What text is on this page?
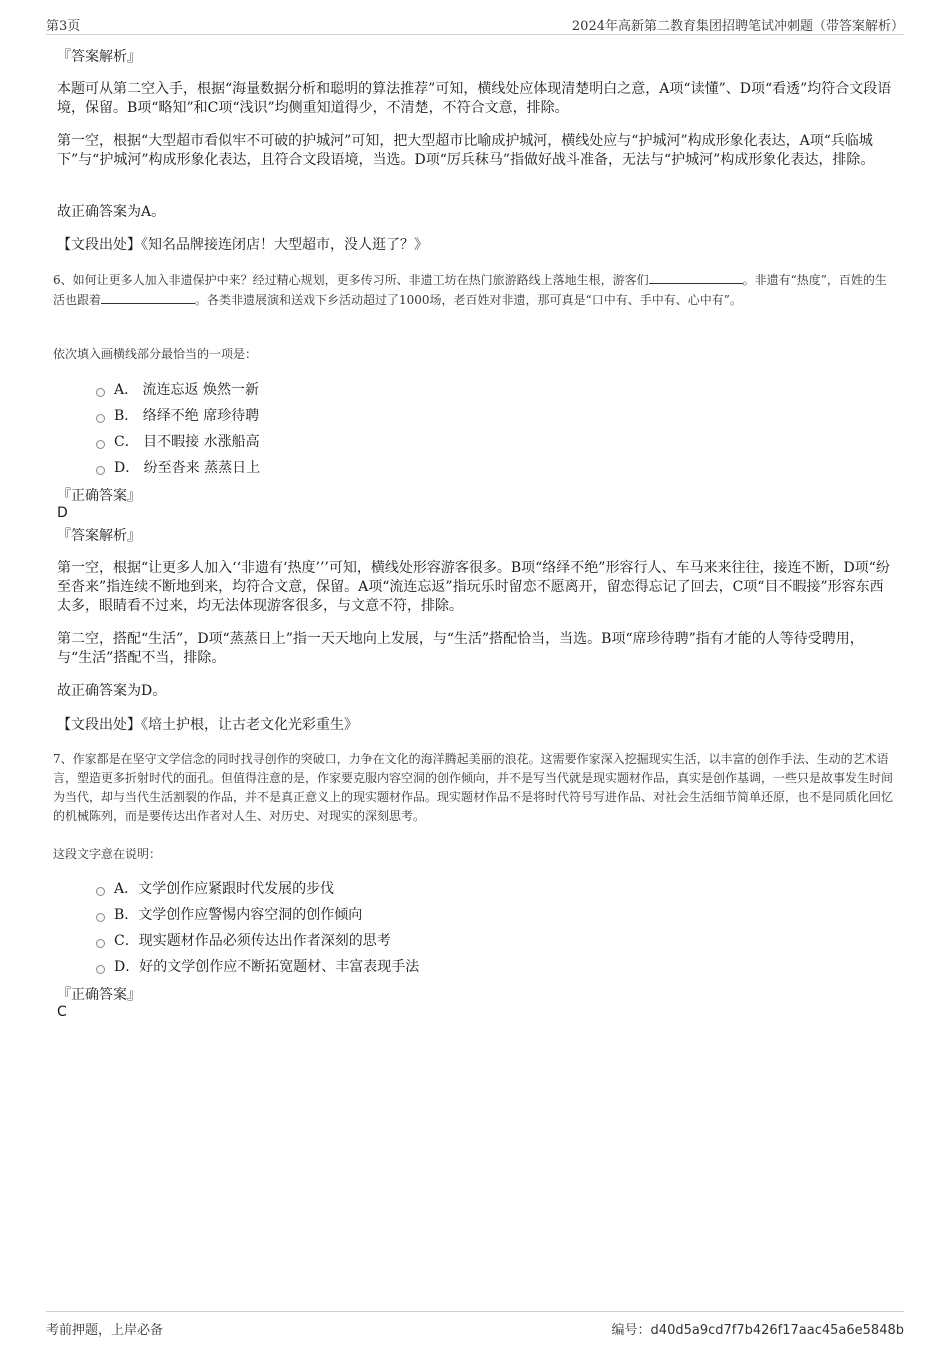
第3页	2024年高新第二教育集团招聘笔试冲刺题（带答案解析）
『答案解析』
本题可从第二空入手，根据“海量数据分析和聪明的算法推荐”可知，横线处应体现清楚明白之意，A项“读懂”、D项“看透”均符合文段语境，保留。B项“略知”和C项“浅识”均侧重知道得少，不清楚，不符合文意，排除。
第一空，根据“大型超市看似牢不可破的护城河”可知，把大型超市比喻成护城河，横线处应与“护城河”构成形象化表达，A项“兵临城下”与“护城河”构成形象化表达，且符合文段语境，当选。D项“厉兵秣马”指做好战斗准备，无法与“护城河”构成形象化表达，排除。
故正确答案为A。
【文段出处】《知名品牌接连闭店！大型超市，没人逛了？》
6、如何让更多人加入非遗保护中来？经过精心规划，更多传习所、非遗工坊在热门旅游路线上落地生根，游客们	。非遗有“热度”，百姓的生活也跟着	。各类非遗展演和送戏下乡活动超过了1000场，老百姓对非遗，那可真是“口中有、手中有、心中有”。
依次填入画横线部分最恰当的一项是：
A． 流连忘返 焕然一新
B． 络绎不绝 席珍待聘
C． 目不暇接 水涨船高
D． 纷至沓来 蒸蒸日上
『正确答案』
D
『答案解析』
第一空，根据“让更多人加入‘‘非遗有‘热度’’’可知，横线处形容游客很多。B项“络绎不绝”形容行人、车马来来往往，接连不断，D项“纷至沓来”指连续不断地到来，均符合文意，保留。A项“流连忘返”指玩乐时留恋不愿离开，留恋得忘记了回去，C项“目不暇接”形容东西太多，眼睛看不过来，均无法体现游客很多，与文意不符，排除。
第二空，搭配“生活”，D项“蒸蒸日上”指一天天地向上发展，与“生活”搭配恰当，当选。B项“席珍待聘”指有才能的人等待受聘用，与“生活”搭配不当，排除。
故正确答案为D。
【文段出处】《培土护根，让古老文化光彩重生》
7、作家都是在坚守文学信念的同时找寻创作的突破口，力争在文化的海洋腾起美丽的浪花。这需要作家深入挖掘现实生活，以丰富的创作手法、生动的艺术语言，塑造更多折射时代的面孔。但值得注意的是，作家要克服内容空洞的创作倾向，并不是写当代就是现实题材作品，真实是创作基调，一些只是故事发生时间为当代，却与当代生活割裂的作品，并不是真正意义上的现实题材作品。现实题材作品不是将时代符号写进作品、对社会生活细节简单还原，也不是同质化回忆的机械陈列，而是要传达出作者对人生、对历史、对现实的深刻思考。
这段文字意在说明：
A．文学创作应紧跟时代发展的步伐
B．文学创作应警惕内容空洞的创作倾向
C．现实题材作品必须传达出作者深刻的思考
D．好的文学创作应不断拓宽题材、丰富表现手法
『正确答案』
C
考前押题，上岸必备	编号：d40d5a9cd7f7b426f17aac45a6e5848b
